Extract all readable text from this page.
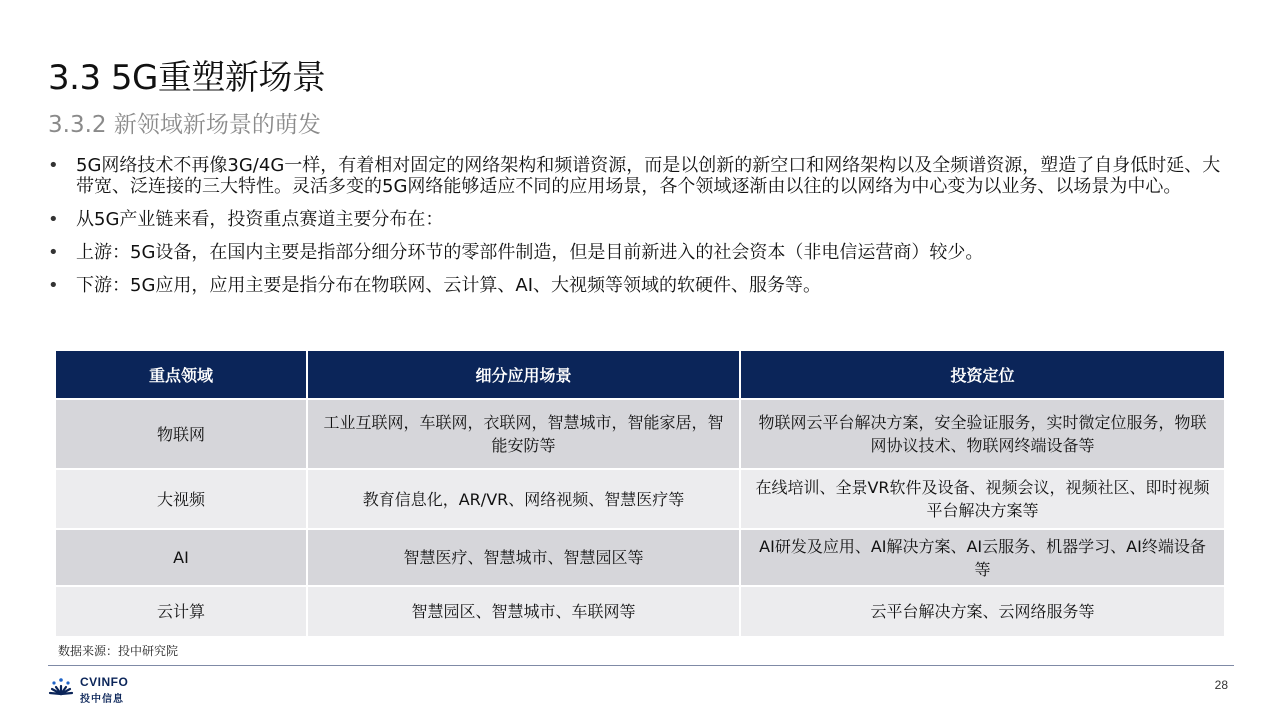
3.3 5G重塑新场景
3.3.2 新领域新场景的萌发
• 5G网络技术不再像3G/4G一样，有着相对固定的网络架构和频谱资源，而是以创新的新空口和网络架构以及全频谱资源，塑造了自身低时延、大带宽、泛连接的三大特性。灵活多变的5G网络能够适应不同的应用场景，各个领域逐渐由以往的以网络为中心变为以业务、以场景为中心。
• 从5G产业链来看，投资重点赛道主要分布在：
• 上游：5G设备，在国内主要是指部分细分环节的零部件制造，但是目前新进入的社会资本（非电信运营商）较少。
• 下游：5G应用，应用主要是指分布在物联网、云计算、AI、大视频等领域的软硬件、服务等。
重点领域	细分应用场景	投资定位
物联网	工业互联网，车联网，衣联网，智慧城市，智能家居，智能安防等	物联网云平台解决方案，安全验证服务，实时微定位服务，物联网协议技术、物联网终端设备等
大视频	教育信息化，AR/VR、网络视频、智慧医疗等	在线培训、全景VR软件及设备、视频会议，视频社区、即时视频平台解决方案等
AI	智慧医疗、智慧城市、智慧园区等	AI研发及应用、AI解决方案、AI云服务、机器学习、AI终端设备等
云计算	智慧园区、智慧城市、车联网等	云平台解决方案、云网络服务等
数据来源：投中研究院
CVINFO
投中信息
28
